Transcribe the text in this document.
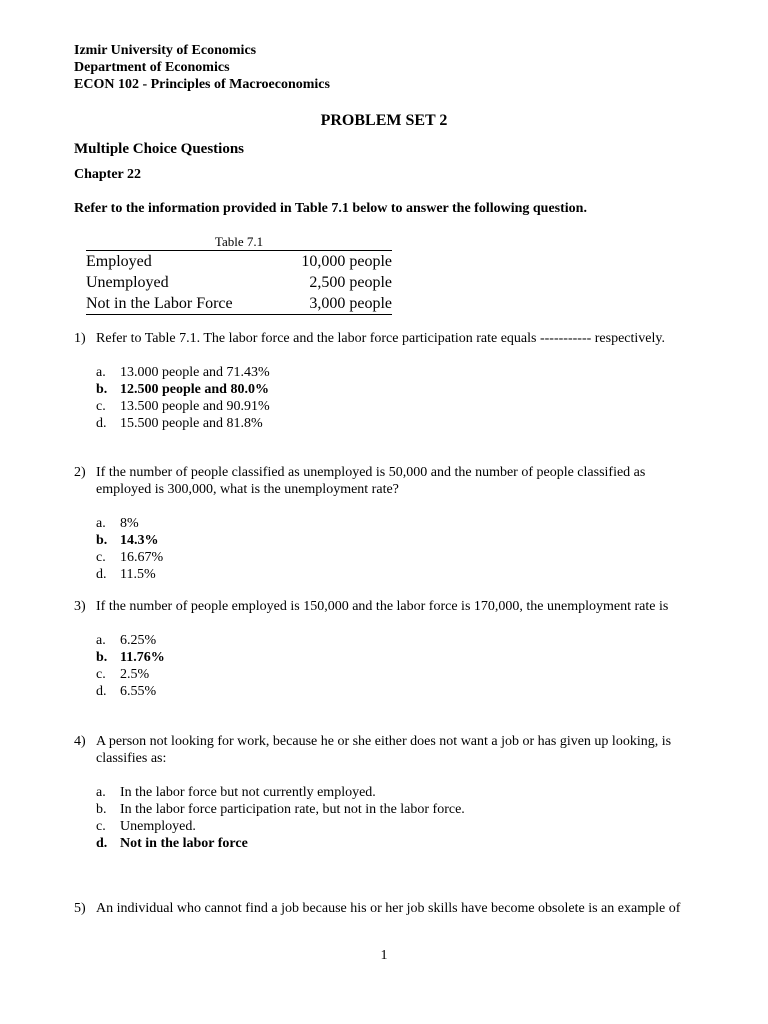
Izmir University of Economics
Department of Economics
ECON 102 - Principles of Macroeconomics
PROBLEM SET 2
Multiple Choice Questions
Chapter 22
Refer to the information provided in Table 7.1 below to answer the following question.
Table 7.1
Employed	10,000 people
Unemployed	2,500 people
Not in the Labor Force	3,000 people
1) Refer to Table 7.1. The labor force and the labor force participation rate equals ----------- respectively.
a.	13.000 people and 71.43%
b. 12.500 people and 80.0%
c.	13.500 people and 90.91%
d. 15.500 people and 81.8%
2) If the number of people classified as unemployed is 50,000 and the number of people classified as employed is 300,000, what is the unemployment rate?
a.	8%
b. 14.3%
c.	16.67%
d. 11.5%
3) If the number of people employed is 150,000 and the labor force is 170,000, the unemployment rate is
a.	6.25%
b. 11.76%
c.	2.5%
d. 6.55%
4) A person not looking for work, because he or she either does not want a job or has given up looking, is classifies as:
a.	In the labor force but not currently employed.
b. In the labor force participation rate, but not in the labor force.
c.	Unemployed.
d. Not in the labor force
5) An individual who cannot find a job because his or her job skills have become obsolete is an example of
1
